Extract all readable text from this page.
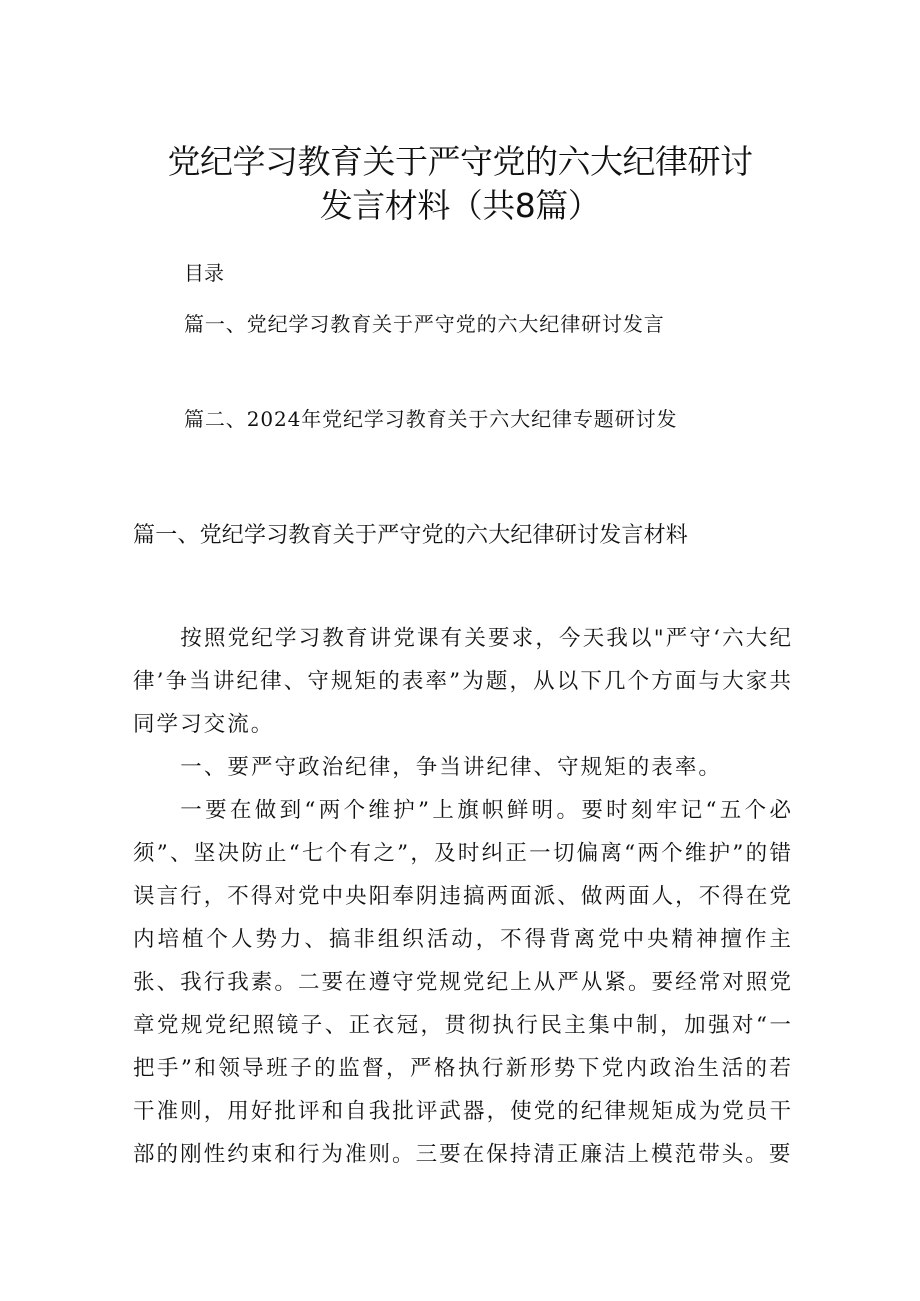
党纪学习教育关于严守党的六大纪律研讨
发言材料（共8篇）
目录
篇一、党纪学习教育关于严守党的六大纪律研讨发言
篇二、2024年党纪学习教育关于六大纪律专题研讨发
篇一、党纪学习教育关于严守党的六大纪律研讨发言材料

按照党纪学习教育讲党课有关要求，今天我以"严守‘六大纪律’争当讲纪律、守规矩的表率”为题，从以下几个方面与大家共同学习交流。

一、要严守政治纪律，争当讲纪律、守规矩的表率。

一要在做到“两个维护”上旗帜鲜明。要时刻牢记“五个必须”、坚决防止“七个有之”，及时纠正一切偏离“两个维护”的错误言行，不得对党中央阳奉阴违搞两面派、做两面人，不得在党内培植个人势力、搞非组织活动，不得背离党中央精神擅作主张、我行我素。二要在遵守党规党纪上从严从紧。要经常对照党章党规党纪照镜子、正衣冠，贯彻执行民主集中制，加强对“一把手”和领导班子的监督，严格执行新形势下党内政治生活的若干准则，用好批评和自我批评武器，使党的纪律规矩成为党员干部的刚性约束和行为准则。三要在保持清正廉洁上模范带头。要
